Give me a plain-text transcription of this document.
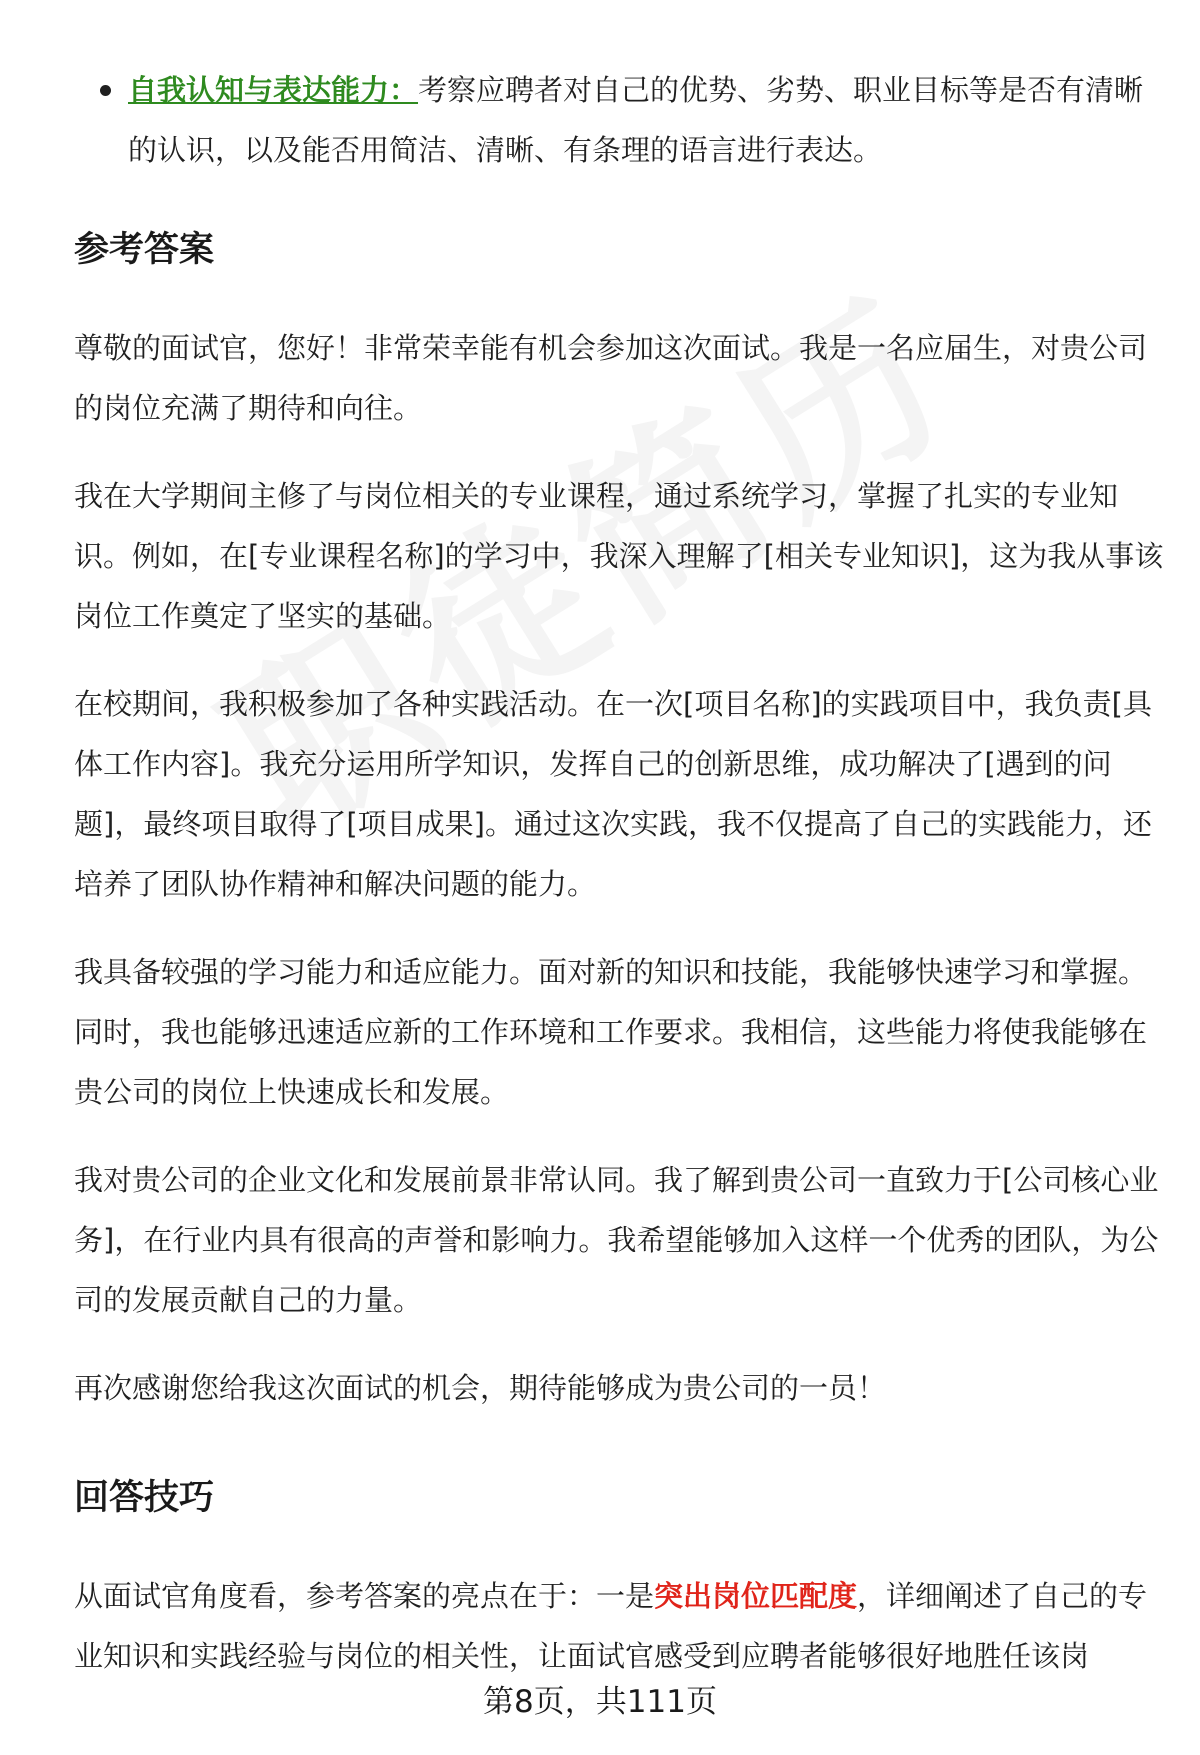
自我认知与表达能力：考察应聘者对自己的优势、劣势、职业目标等是否有清晰的认识，以及能否用简洁、清晰、有条理的语言进行表达。
参考答案

尊敬的面试官，您好！非常荣幸能有机会参加这次面试。我是一名应届生，对贵公司的岗位充满了期待和向往。

我在大学期间主修了与岗位相关的专业课程，通过系统学习，掌握了扎实的专业知识。例如，在[专业课程名称]的学习中，我深入理解了[相关专业知识]，这为我从事该岗位工作奠定了坚实的基础。

在校期间，我积极参加了各种实践活动。在一次[项目名称]的实践项目中，我负责[具体工作内容]。我充分运用所学知识，发挥自己的创新思维，成功解决了[遇到的问题]，最终项目取得了[项目成果]。通过这次实践，我不仅提高了自己的实践能力，还培养了团队协作精神和解决问题的能力。

我具备较强的学习能力和适应能力。面对新的知识和技能，我能够快速学习和掌握。同时，我也能够迅速适应新的工作环境和工作要求。我相信，这些能力将使我能够在贵公司的岗位上快速成长和发展。

我对贵公司的企业文化和发展前景非常认同。我了解到贵公司一直致力于[公司核心业务]，在行业内具有很高的声誉和影响力。我希望能够加入这样一个优秀的团队，为公司的发展贡献自己的力量。

再次感谢您给我这次面试的机会，期待能够成为贵公司的一员！

回答技巧

从面试官角度看，参考答案的亮点在于：一是突出岗位匹配度，详细阐述了自己的专业知识和实践经验与岗位的相关性，让面试官感受到应聘者能够很好地胜任该岗

第8页，共111页
